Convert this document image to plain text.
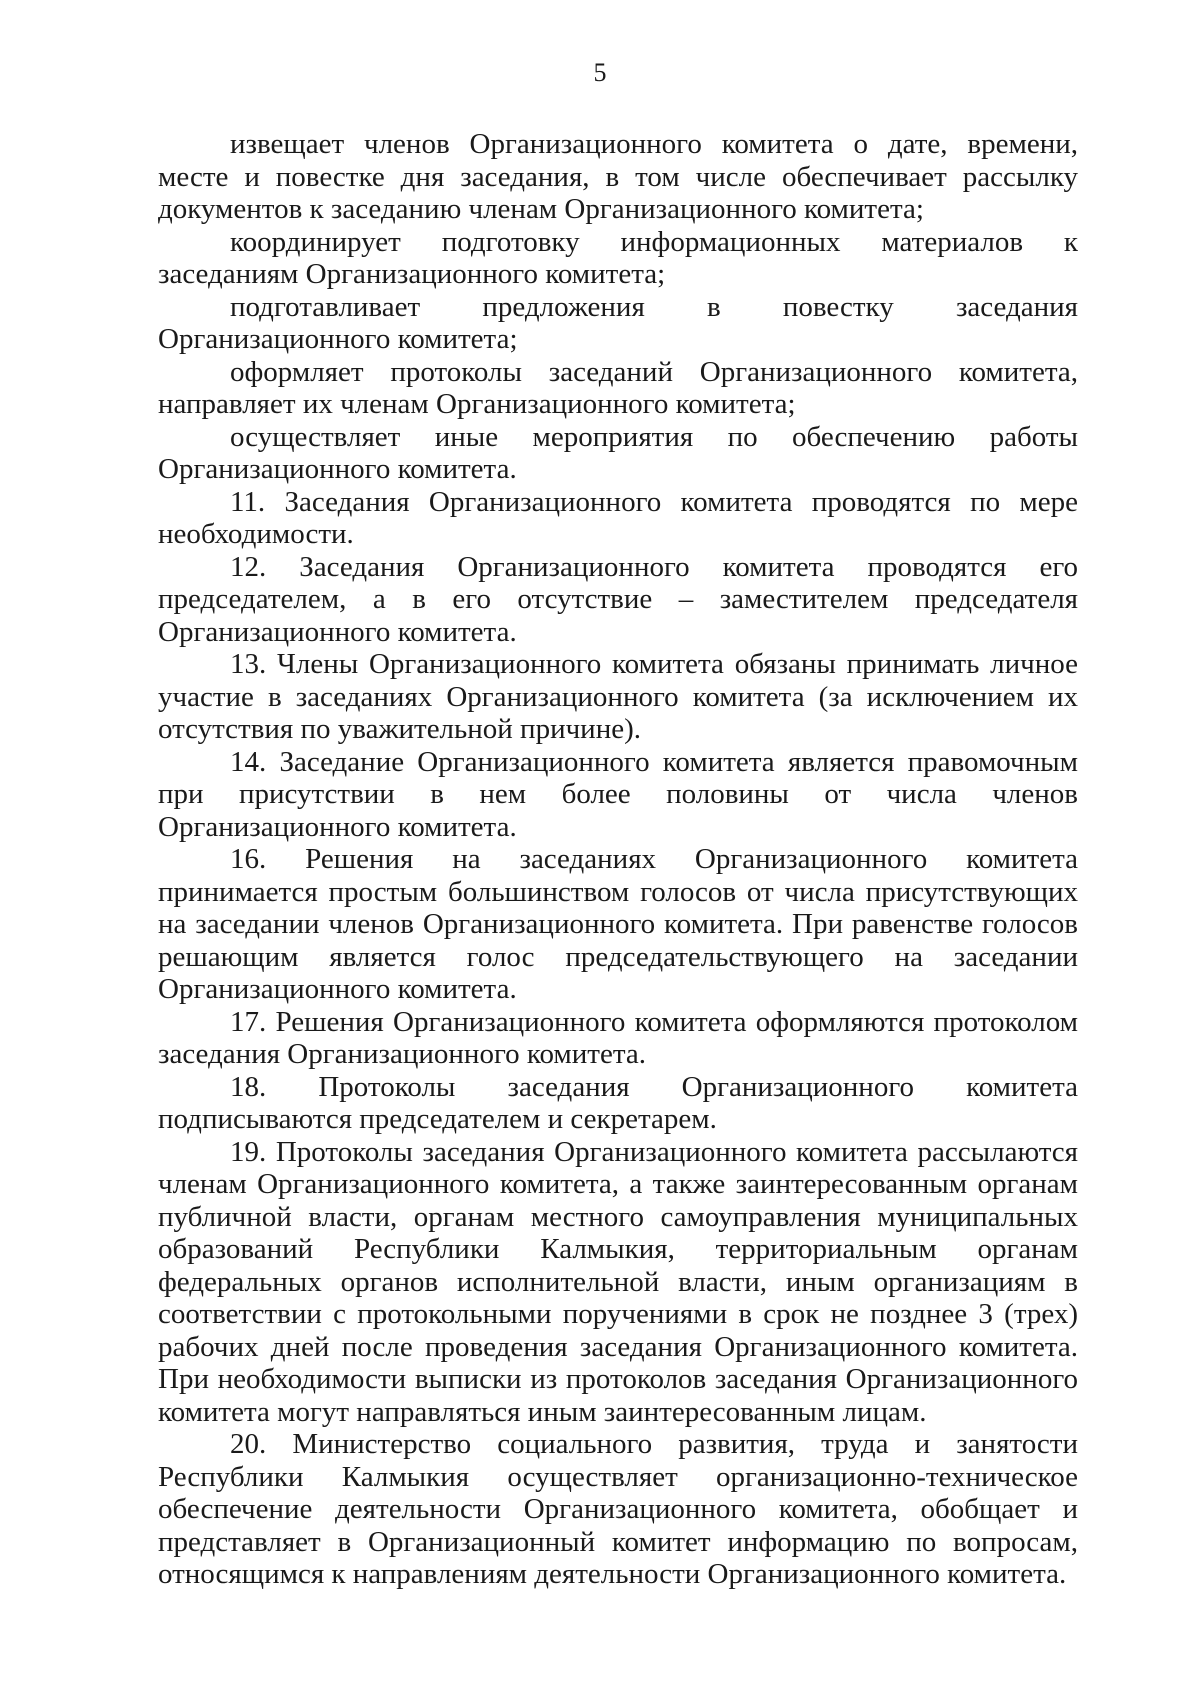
5

извещает членов Организационного комитета о дате, времени, месте и повестке дня заседания, в том числе обеспечивает рассылку документов к заседанию членам Организационного комитета;

координирует подготовку информационных материалов к заседаниям Организационного комитета;

подготавливает предложения в повестку заседания Организационного комитета;

оформляет протоколы заседаний Организационного комитета, направляет их членам Организационного комитета;

осуществляет иные мероприятия по обеспечению работы Организационного комитета.

11. Заседания Организационного комитета проводятся по мере необходимости.

12. Заседания Организационного комитета проводятся его председателем, а в его отсутствие – заместителем председателя Организационного комитета.

13. Члены Организационного комитета обязаны принимать личное участие в заседаниях Организационного комитета (за исключением их отсутствия по уважительной причине).

14. Заседание Организационного комитета является правомочным при присутствии в нем более половины от числа членов Организационного комитета.

16. Решения на заседаниях Организационного комитета принимается простым большинством голосов от числа присутствующих на заседании членов Организационного комитета. При равенстве голосов решающим является голос председательствующего на заседании Организационного комитета.

17. Решения Организационного комитета оформляются протоколом заседания Организационного комитета.

18. Протоколы заседания Организационного комитета подписываются председателем и секретарем.

19. Протоколы заседания Организационного комитета рассылаются членам Организационного комитета, а также заинтересованным органам публичной власти, органам местного самоуправления муниципальных образований Республики Калмыкия, территориальным органам федеральных органов исполнительной власти, иным организациям в соответствии с протокольными поручениями в срок не позднее 3 (трех) рабочих дней после проведения заседания Организационного комитета. При необходимости выписки из протоколов заседания Организационного комитета могут направляться иным заинтересованным лицам.

20. Министерство социального развития, труда и занятости Республики Калмыкия осуществляет организационно-техническое обеспечение деятельности Организационного комитета, обобщает и представляет в Организационный комитет информацию по вопросам, относящимся к направлениям деятельности Организационного комитета.
